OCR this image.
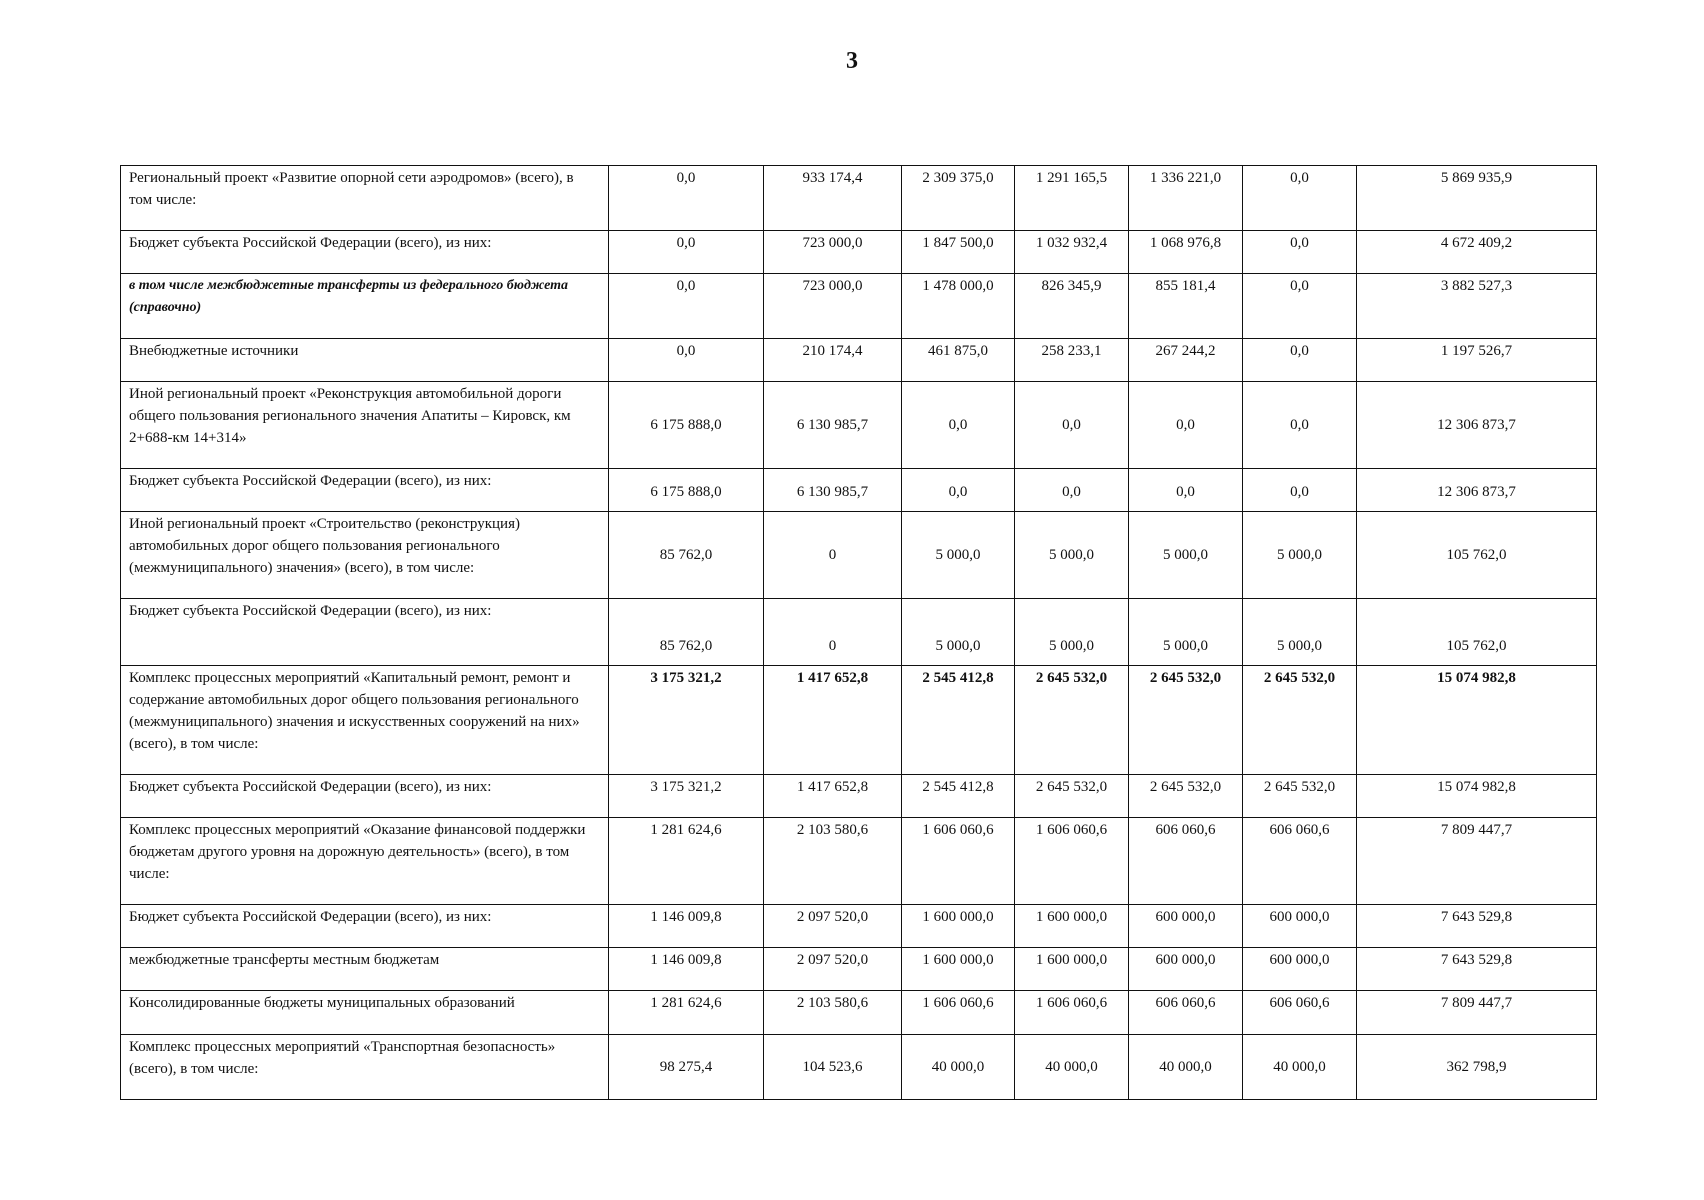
3
Региональный проект «Развитие опорной сети аэродромов» (всего), в том числе:	0,0	933 174,4	2 309 375,0	1 291 165,5	1 336 221,0	0,0	5 869 935,9
Бюджет субъекта Российской Федерации (всего), из них:	0,0	723 000,0	1 847 500,0	1 032 932,4	1 068 976,8	0,0	4 672 409,2
в том числе межбюджетные трансферты из федерального бюджета (справочно)	0,0	723 000,0	1 478 000,0	826 345,9	855 181,4	0,0	3 882 527,3
Внебюджетные источники	0,0	210 174,4	461 875,0	258 233,1	267 244,2	0,0	1 197 526,7
Иной региональный проект «Реконструкция автомобильной дороги общего пользования регионального значения Апатиты – Кировск, км 2+688-км 14+314»	6 175 888,0	6 130 985,7	0,0	0,0	0,0	0,0	12 306 873,7
Бюджет субъекта Российской Федерации (всего), из них:	6 175 888,0	6 130 985,7	0,0	0,0	0,0	0,0	12 306 873,7
Иной региональный проект «Строительство (реконструкция) автомобильных дорог общего пользования регионального (межмуниципального) значения» (всего), в том числе:	85 762,0	0	5 000,0	5 000,0	5 000,0	5 000,0	105 762,0
Бюджет субъекта Российской Федерации (всего), из них:	85 762,0	0	5 000,0	5 000,0	5 000,0	5 000,0	105 762,0
Комплекс процессных мероприятий «Капитальный ремонт, ремонт и содержание автомобильных дорог общего пользования регионального (межмуниципального) значения и искусственных сооружений на них» (всего), в том числе:	3 175 321,2	1 417 652,8	2 545 412,8	2 645 532,0	2 645 532,0	2 645 532,0	15 074 982,8
Бюджет субъекта Российской Федерации (всего), из них:	3 175 321,2	1 417 652,8	2 545 412,8	2 645 532,0	2 645 532,0	2 645 532,0	15 074 982,8
Комплекс процессных мероприятий «Оказание финансовой поддержки бюджетам другого уровня на дорожную деятельность» (всего), в том числе:	1 281 624,6	2 103 580,6	1 606 060,6	1 606 060,6	606 060,6	606 060,6	7 809 447,7
Бюджет субъекта Российской Федерации (всего), из них:	1 146 009,8	2 097 520,0	1 600 000,0	1 600 000,0	600 000,0	600 000,0	7 643 529,8
межбюджетные трансферты местным бюджетам	1 146 009,8	2 097 520,0	1 600 000,0	1 600 000,0	600 000,0	600 000,0	7 643 529,8
Консолидированные бюджеты муниципальных образований	1 281 624,6	2 103 580,6	1 606 060,6	1 606 060,6	606 060,6	606 060,6	7 809 447,7
Комплекс процессных мероприятий «Транспортная безопасность» (всего), в том числе:	98 275,4	104 523,6	40 000,0	40 000,0	40 000,0	40 000,0	362 798,9
